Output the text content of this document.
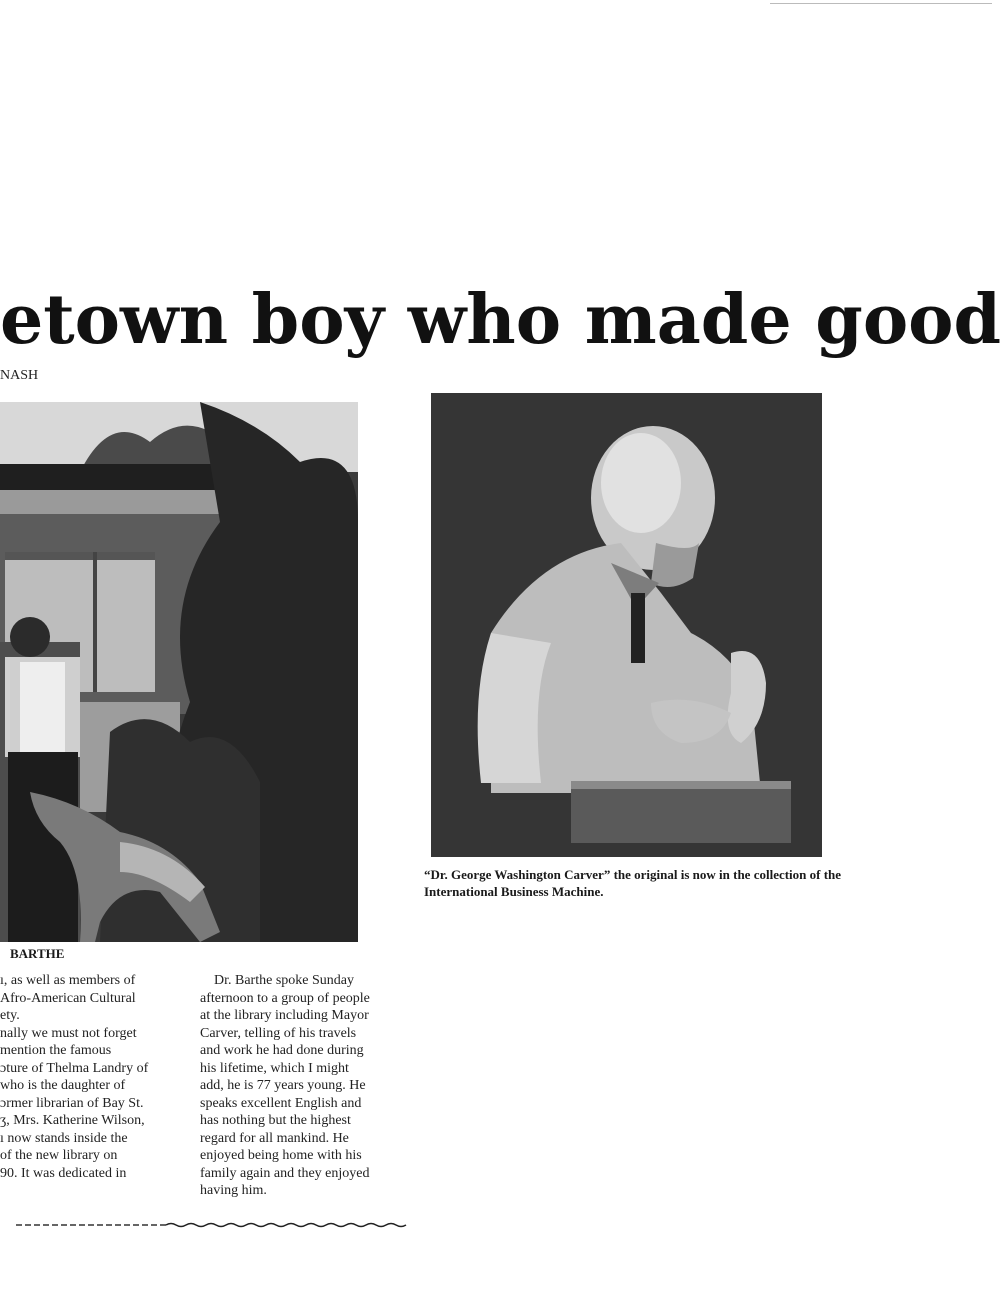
etown boy who made good
NASH
“Dr. George Washington Carver” the original is now in the collection of the International Business Machine.
BARTHE
ı, as well as members of
Afro-American Cultural
ety.
nally we must not forget
mention the famous
ɔture of Thelma Landry of
who is the daughter of
ɔrmer librarian of Bay St.
ʒ, Mrs. Katherine Wilson,
ı now stands inside the
of the new library on
90. It was dedicated in
Dr. Barthe spoke Sunday
afternoon to a group of people
at the library including Mayor
Carver, telling of his travels
and work he had done during
his lifetime, which I might
add, he is 77 years young. He
speaks excellent English and
has nothing but the highest
regard for all mankind. He
enjoyed being home with his
family again and they enjoyed
having him.
